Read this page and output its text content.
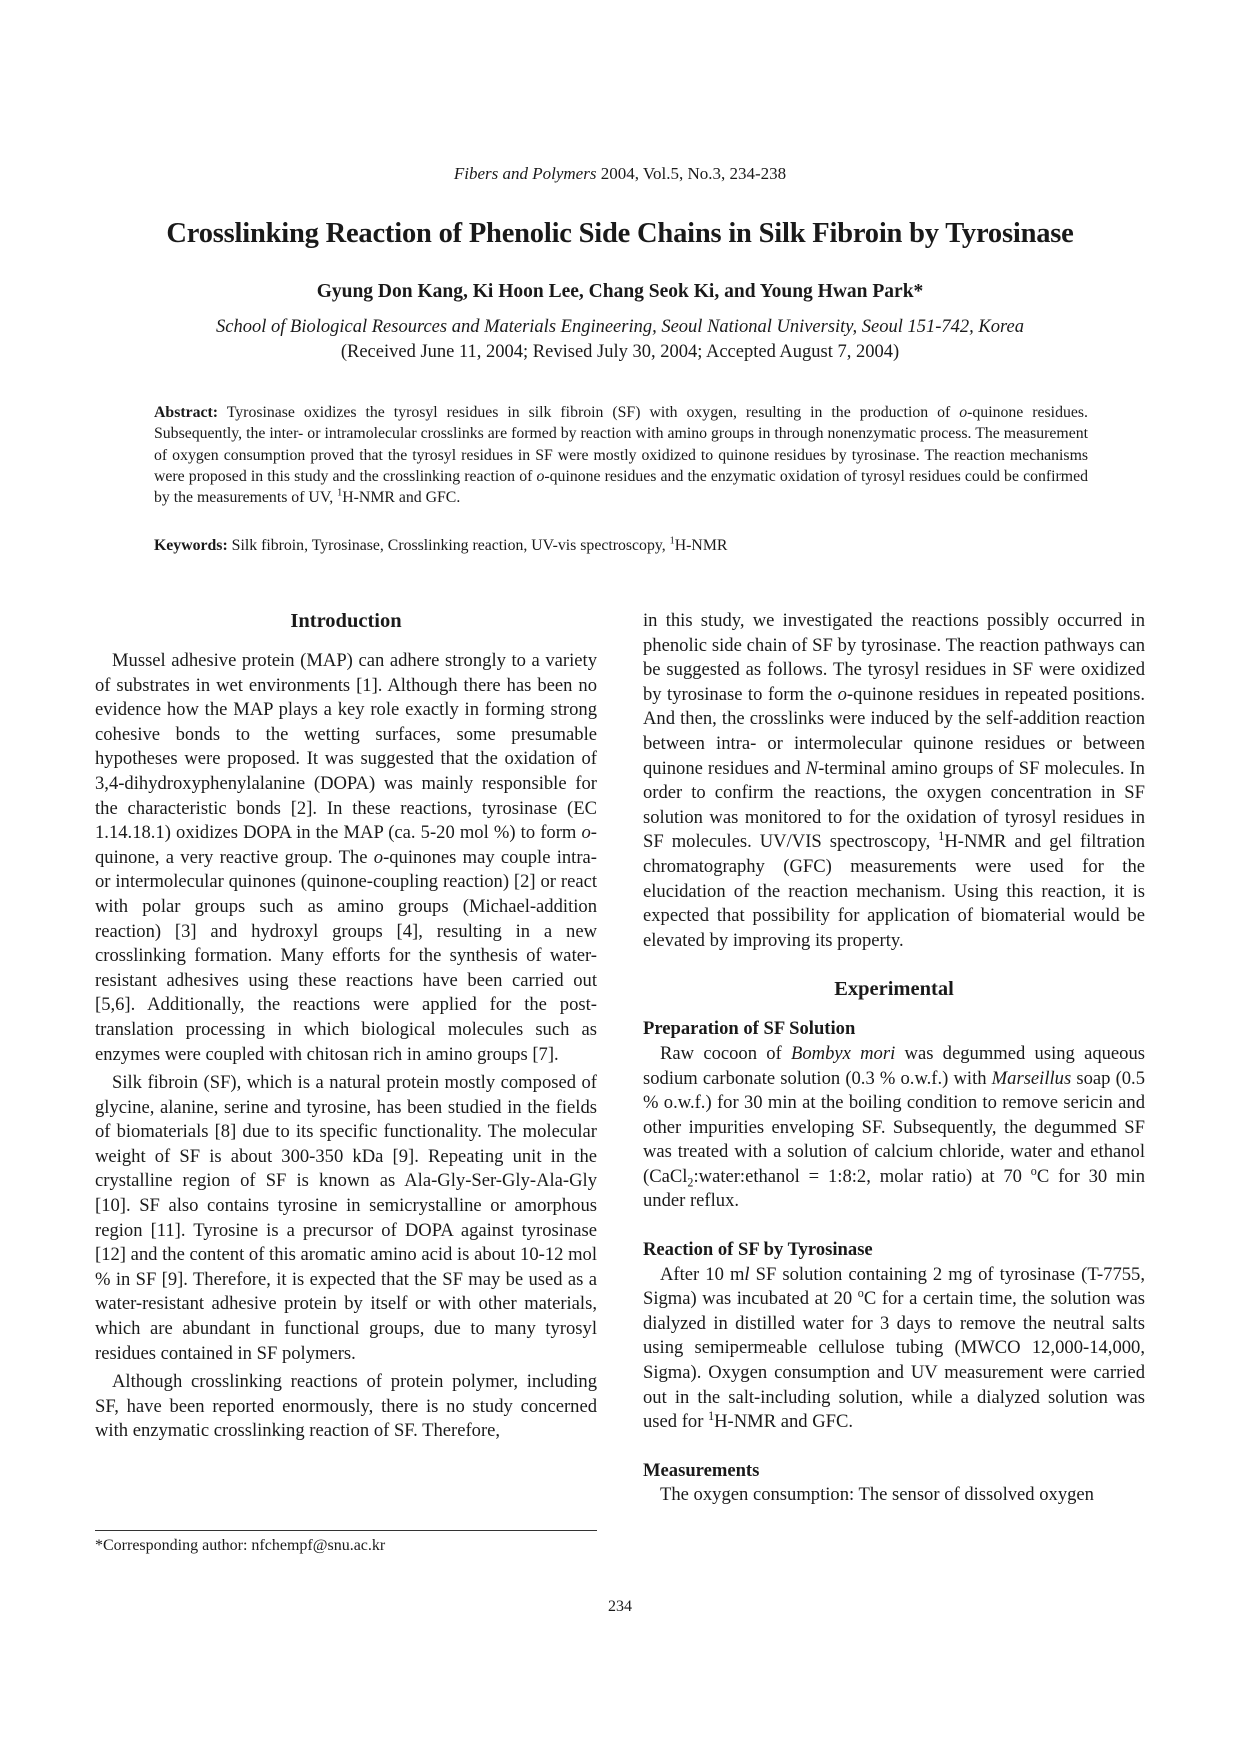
Fibers and Polymers 2004, Vol.5, No.3, 234-238
Crosslinking Reaction of Phenolic Side Chains in Silk Fibroin by Tyrosinase
Gyung Don Kang, Ki Hoon Lee, Chang Seok Ki, and Young Hwan Park*
School of Biological Resources and Materials Engineering, Seoul National University, Seoul 151-742, Korea
(Received June 11, 2004; Revised July 30, 2004; Accepted August 7, 2004)
Abstract: Tyrosinase oxidizes the tyrosyl residues in silk fibroin (SF) with oxygen, resulting in the production of o-quinone residues. Subsequently, the inter- or intramolecular crosslinks are formed by reaction with amino groups in through nonenzymatic process. The measurement of oxygen consumption proved that the tyrosyl residues in SF were mostly oxidized to quinone residues by tyrosinase. The reaction mechanisms were proposed in this study and the crosslinking reaction of o-quinone residues and the enzymatic oxidation of tyrosyl residues could be confirmed by the measurements of UV, $^1$H-NMR and GFC.
Keywords: Silk fibroin, Tyrosinase, Crosslinking reaction, UV-vis spectroscopy, $^1$H-NMR
Introduction

Mussel adhesive protein (MAP) can adhere strongly to a variety of substrates in wet environments [1]. Although there has been no evidence how the MAP plays a key role exactly in forming strong cohesive bonds to the wetting surfaces, some presumable hypotheses were proposed. It was suggested that the oxidation of 3,4-dihydroxyphenylalanine (DOPA) was mainly responsible for the characteristic bonds [2]. In these reactions, tyrosinase (EC 1.14.18.1) oxidizes DOPA in the MAP (ca. 5-20 mol %) to form o-quinone, a very reactive group. The o-quinones may couple intra- or intermolecular quinones (quinone-coupling reaction) [2] or react with polar groups such as amino groups (Michael-addition reaction) [3] and hydroxyl groups [4], resulting in a new crosslinking formation. Many efforts for the synthesis of water-resistant adhesives using these reactions have been carried out [5,6]. Additionally, the reactions were applied for the post-translation processing in which biological molecules such as enzymes were coupled with chitosan rich in amino groups [7].

Silk fibroin (SF), which is a natural protein mostly composed of glycine, alanine, serine and tyrosine, has been studied in the fields of biomaterials [8] due to its specific functionality. The molecular weight of SF is about 300-350 kDa [9]. Repeating unit in the crystalline region of SF is known as Ala-Gly-Ser-Gly-Ala-Gly [10]. SF also contains tyrosine in semicrystalline or amorphous region [11]. Tyrosine is a precursor of DOPA against tyrosinase [12] and the content of this aromatic amino acid is about 10-12 mol % in SF [9]. Therefore, it is expected that the SF may be used as a water-resistant adhesive protein by itself or with other materials, which are abundant in functional groups, due to many tyrosyl residues contained in SF polymers.

Although crosslinking reactions of protein polymer, including SF, have been reported enormously, there is no study concerned with enzymatic crosslinking reaction of SF. Therefore,

in this study, we investigated the reactions possibly occurred in phenolic side chain of SF by tyrosinase. The reaction pathways can be suggested as follows. The tyrosyl residues in SF were oxidized by tyrosinase to form the o-quinone residues in repeated positions. And then, the crosslinks were induced by the self-addition reaction between intra- or intermolecular quinone residues or between quinone residues and N-terminal amino groups of SF molecules. In order to confirm the reactions, the oxygen concentration in SF solution was monitored to for the oxidation of tyrosyl residues in SF molecules. UV/VIS spectroscopy, $^1$H-NMR and gel filtration chromatography (GFC) measurements were used for the elucidation of the reaction mechanism. Using this reaction, it is expected that possibility for application of biomaterial would be elevated by improving its property.

Experimental
Preparation of SF Solution

Raw cocoon of Bombyx mori was degummed using aqueous sodium carbonate solution (0.3 % o.w.f.) with Marseillus soap (0.5 % o.w.f.) for 30 min at the boiling condition to remove sericin and other impurities enveloping SF. Subsequently, the degummed SF was treated with a solution of calcium chloride, water and ethanol (CaCl$_2$:water:ethanol = 1:8:2, molar ratio) at 70 $^o$C for 30 min under reflux.

Reaction of SF by Tyrosinase

After 10 ml SF solution containing 2 mg of tyrosinase (T-7755, Sigma) was incubated at 20 $^o$C for a certain time, the solution was dialyzed in distilled water for 3 days to remove the neutral salts using semipermeable cellulose tubing (MWCO 12,000-14,000, Sigma). Oxygen consumption and UV measurement were carried out in the salt-including solution, while a dialyzed solution was used for $^1$H-NMR and GFC.

Measurements

The oxygen consumption: The sensor of dissolved oxygen

*Corresponding author: nfchempf@snu.ac.kr
234
